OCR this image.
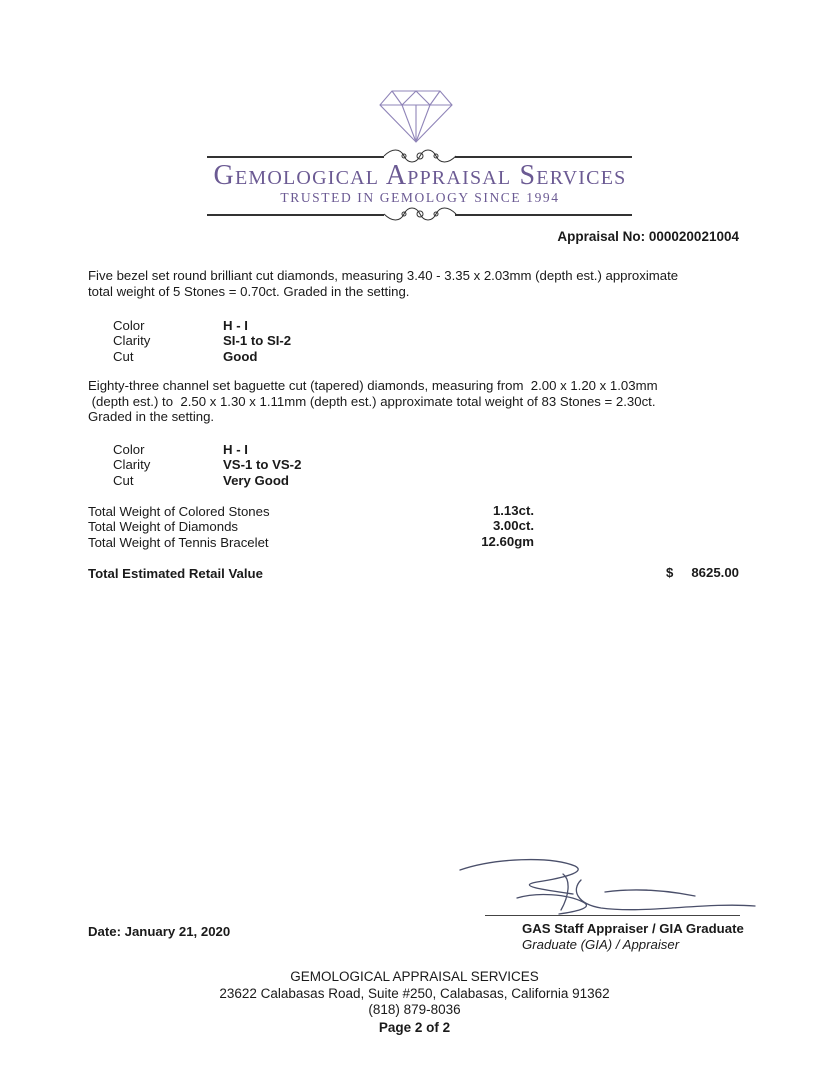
Gemological Appraisal Services
TRUSTED IN GEMOLOGY SINCE 1994
Appraisal No: 000020021004
Five bezel set round brilliant cut diamonds, measuring 3.40 - 3.35 x 2.03mm (depth est.) approximate
total weight of 5 Stones = 0.70ct. Graded in the setting.
Color	H - I
Clarity	SI-1 to SI-2
Cut	Good
Eighty-three channel set baguette cut (tapered) diamonds, measuring from  2.00 x 1.20 x 1.03mm
(depth est.) to  2.50 x 1.30 x 1.11mm (depth est.) approximate total weight of 83 Stones = 2.30ct.
Graded in the setting.
Color	H - I
Clarity	VS-1 to VS-2
Cut	Very Good
Total Weight of Colored Stones	1.13ct.
Total Weight of Diamonds	3.00ct.
Total Weight of Tennis Bracelet	12.60gm
Total Estimated Retail Value	$ 8625.00
Date: January 21, 2020	GAS Staff Appraiser / GIA Graduate
Graduate (GIA) / Appraiser
GEMOLOGICAL APPRAISAL SERVICES
23622 Calabasas Road, Suite #250, Calabasas, California 91362
(818) 879-8036
Page 2 of 2
